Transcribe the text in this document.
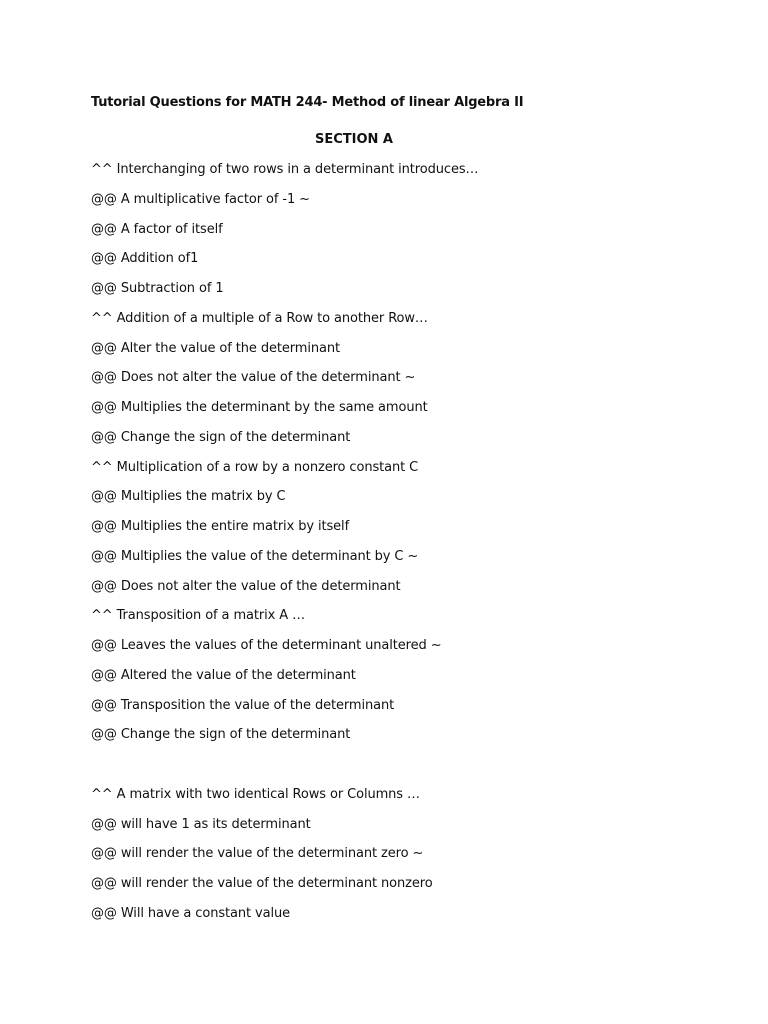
Tutorial Questions for MATH 244- Method of linear Algebra II
SECTION A
^^ Interchanging of two rows in a determinant introduces…
@@ A multiplicative factor of -1 ~
@@ A factor of itself
@@ Addition of1
@@ Subtraction of 1
^^ Addition of a multiple of a Row to another Row…
@@ Alter the value of the determinant
@@ Does not alter the value of the determinant ~
@@ Multiplies the determinant by the same amount
@@ Change the sign of the determinant
^^ Multiplication of a row by a nonzero constant C
@@ Multiplies the matrix by C
@@ Multiplies the entire matrix by itself
@@ Multiplies the value of the determinant by C ~
@@ Does not alter the value of the determinant
^^ Transposition of a matrix A …
@@ Leaves the values of the determinant unaltered ~
@@ Altered the value of the determinant
@@ Transposition the value of the determinant
@@ Change the sign of the determinant
^^ A matrix with two identical Rows or Columns …
@@ will have 1 as its determinant
@@ will render the value of the determinant zero ~
@@ will render the value of the determinant nonzero
@@ Will have a constant value
